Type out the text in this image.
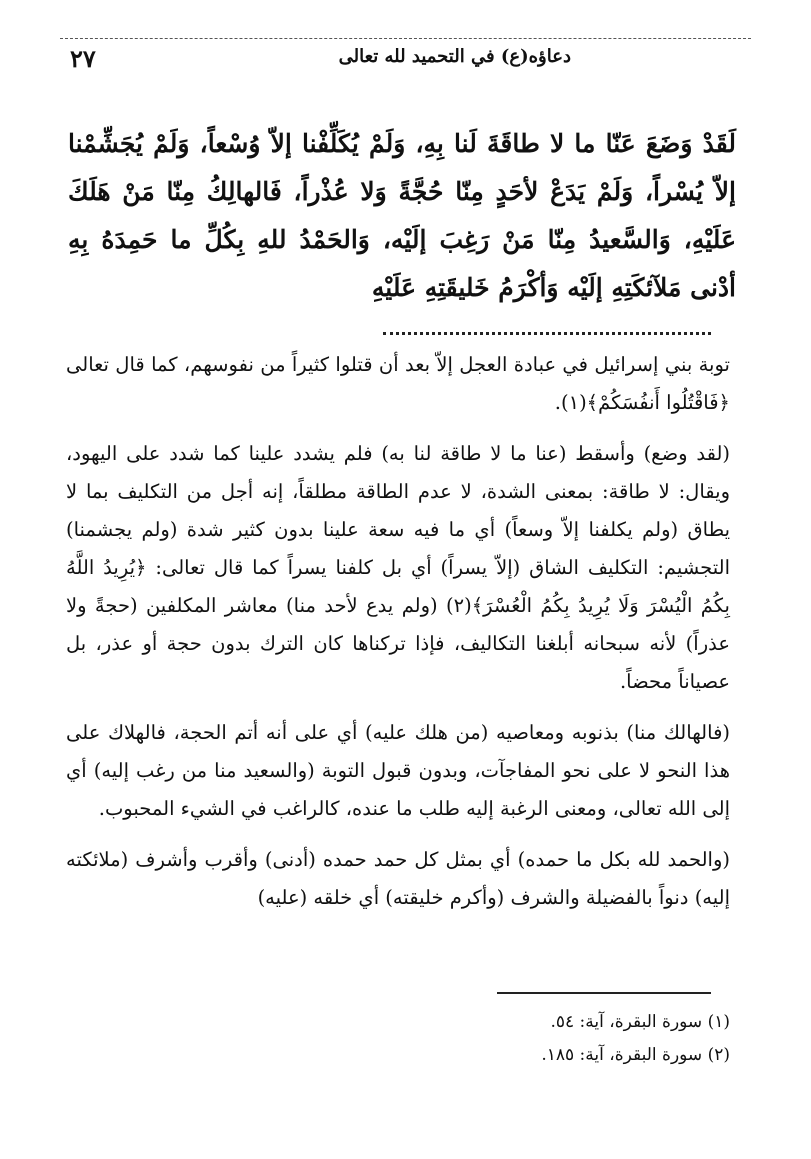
٢٧	دعاؤه(ع) في التحميد لله تعالى
لَقَدْ وَضَعَ عَنّا ما لا طاقَةَ لَنا بِهِ، وَلَمْ يُكَلِّفْنا إلاّ وُسْعاً، وَلَمْ يُجَشِّمْنا إلاّ يُسْراً، وَلَمْ يَدَعْ لأحَدٍ مِنّا حُجَّةً وَلا عُذْراً، فَالهالِكُ مِنّا مَنْ هَلَكَ عَلَيْهِ، وَالسَّعيدُ مِنّا مَنْ رَغِبَ إلَيْه، وَالحَمْدُ للهِ بِكُلِّ ما حَمِدَهُ بِهِ أدْنى مَلآئكَتِهِ إلَيْه وَأكْرَمُ خَليقَتِهِ عَلَيْهِ

توبة بني إسرائيل في عبادة العجل إلاّ بعد أن قتلوا كثيراً من نفوسهم، كما قال تعالى ﴿فَاقْتُلُوا أَنفُسَكُمْ﴾(١).

(لقد وضع) وأسقط (عنا ما لا طاقة لنا به) فلم يشدد علينا كما شدد على اليهود، ويقال: لا طاقة: بمعنى الشدة، لا عدم الطاقة مطلقاً، إنه أجل من التكليف بما لا يطاق (ولم يكلفنا إلاّ وسعاً) أي ما فيه سعة علينا بدون كثير شدة (ولم يجشمنا) التجشيم: التكليف الشاق (إلاّ يسراً) أي بل كلفنا يسراً كما قال تعالى: ﴿يُرِيدُ اللَّهُ بِكُمُ الْيُسْرَ وَلَا يُرِيدُ بِكُمُ الْعُسْرَ﴾(٢) (ولم يدع لأحد منا) معاشر المكلفين (حجةً ولا عذراً) لأنه سبحانه أبلغنا التكاليف، فإذا تركناها كان الترك بدون حجة أو عذر، بل عصياناً محضاً.

(فالهالك منا) بذنوبه ومعاصيه (من هلك عليه) أي على أنه أتم الحجة، فالهلاك على هذا النحو لا على نحو المفاجآت، وبدون قبول التوبة (والسعيد منا من رغب إليه) أي إلى الله تعالى، ومعنى الرغبة إليه طلب ما عنده، كالراغب في الشيء المحبوب.

(والحمد لله بكل ما حمده) أي بمثل كل حمد حمده (أدنى) وأقرب وأشرف (ملائكته إليه) دنواً بالفضيلة والشرف (وأكرم خليقته) أي خلقه (عليه)

(١) سورة البقرة، آية: ٥٤.

(٢) سورة البقرة، آية: ١٨٥.
